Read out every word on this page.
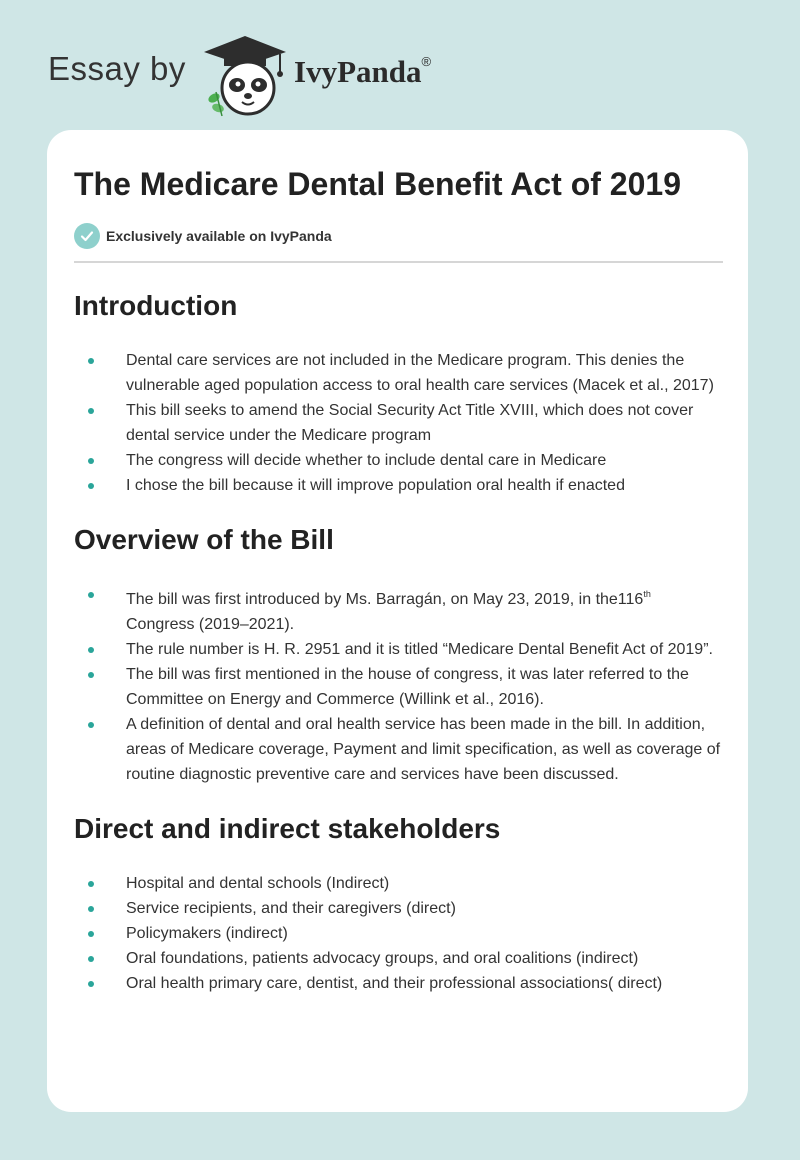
Essay by	IvyPanda®
The Medicare Dental Benefit Act of 2019
Exclusively available on IvyPanda
Introduction
Dental care services are not included in the Medicare program. This denies the vulnerable aged population access to oral health care services (Macek et al., 2017)
This bill seeks to amend the Social Security Act Title XVIII, which does not cover dental service under the Medicare program
The congress will decide whether to include dental care in Medicare
I chose the bill because it will improve population oral health if enacted
Overview of the Bill
The bill was first introduced by Ms. Barragán, on May 23, 2019, in the116th
Congress (2019–2021).
The rule number is H. R. 2951 and it is titled “Medicare Dental Benefit Act of 2019”.
The bill was first mentioned in the house of congress, it was later referred to the Committee on Energy and Commerce (Willink et al., 2016).
A definition of dental and oral health service has been made in the bill. In addition, areas of Medicare coverage, Payment and limit specification, as well as coverage of routine diagnostic preventive care and services have been discussed.
Direct and indirect stakeholders
Hospital and dental schools (Indirect)
Service recipients, and their caregivers (direct)
Policymakers (indirect)
Oral foundations, patients advocacy groups, and oral coalitions (indirect)
Oral health primary care, dentist, and their professional associations( direct)
